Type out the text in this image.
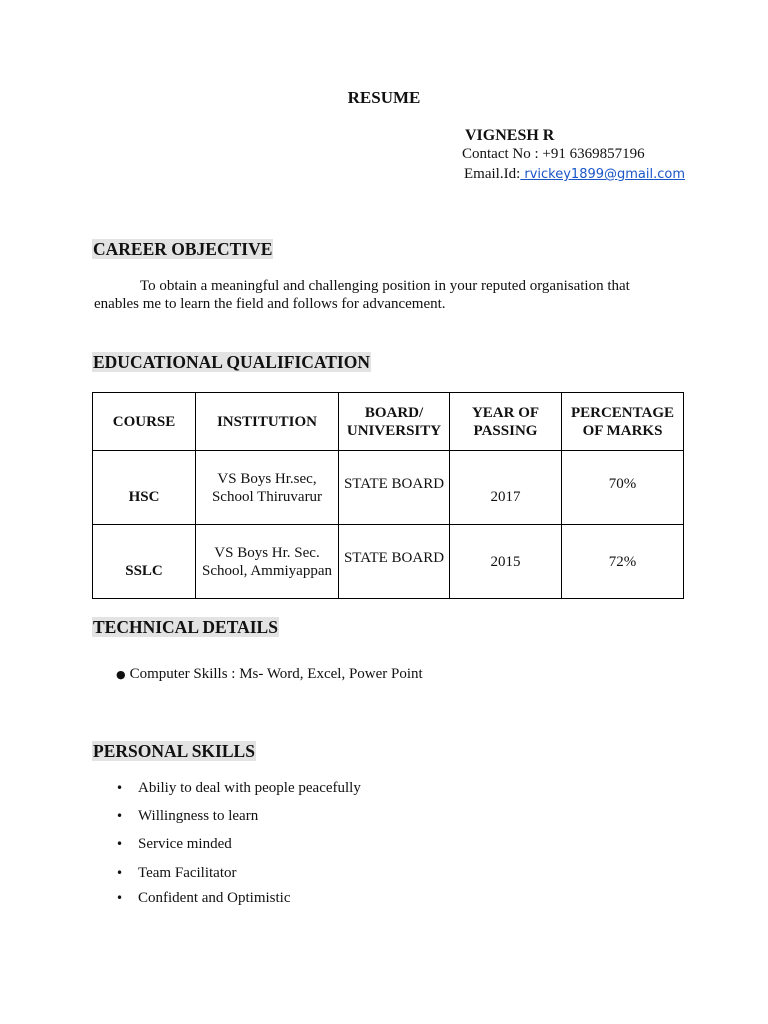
RESUME
VIGNESH R
Contact No : +91 6369857196
Email.Id: rvickey1899@gmail.com
CAREER OBJECTIVE
To obtain a meaningful and challenging position in your reputed organisation that enables me to learn the field and follows for advancement.
EDUCATIONAL QUALIFICATION
COURSE	INSTITUTION	BOARD/ UNIVERSITY	YEAR OF PASSING	PERCENTAGE OF MARKS

HSC	VS Boys Hr.sec, School Thiruvarur	STATE BOARD	2017	70%

SSLC	VS Boys Hr. Sec. School, Ammiyappan	STATE BOARD	2015	72%
TECHNICAL DETAILS
● Computer Skills : Ms- Word, Excel, Power Point
PERSONAL SKILLS
• Abiliy to deal with people peacefully
• Willingness to learn
• Service minded
• Team Facilitator
• Confident and Optimistic
